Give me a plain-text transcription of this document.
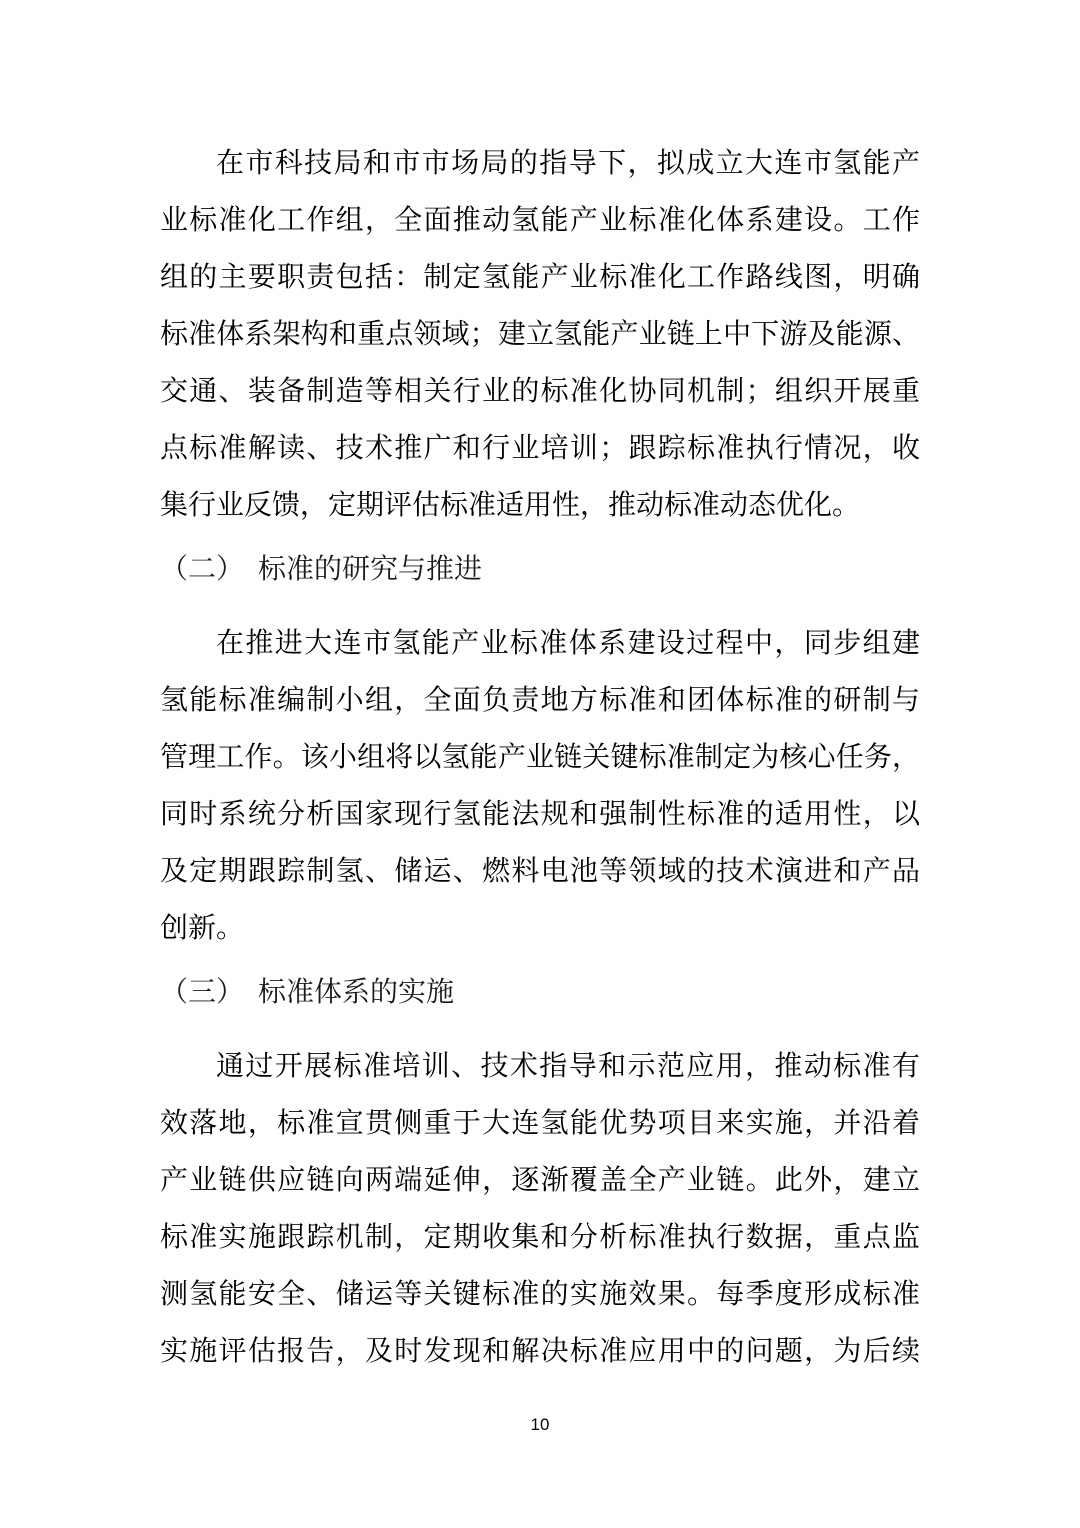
在市科技局和市市场局的指导下，拟成立大连市氢能产
业标准化工作组，全面推动氢能产业标准化体系建设。工作
组的主要职责包括：制定氢能产业标准化工作路线图，明确
标准体系架构和重点领域；建立氢能产业链上中下游及能源、
交通、装备制造等相关行业的标准化协同机制；组织开展重
点标准解读、技术推广和行业培训；跟踪标准执行情况，收
集行业反馈，定期评估标准适用性，推动标准动态优化。

（二）　标准的研究与推进

在推进大连市氢能产业标准体系建设过程中，同步组建
氢能标准编制小组，全面负责地方标准和团体标准的研制与
管理工作。该小组将以氢能产业链关键标准制定为核心任务，
同时系统分析国家现行氢能法规和强制性标准的适用性，以
及定期跟踪制氢、储运、燃料电池等领域的技术演进和产品
创新。

（三）　标准体系的实施

通过开展标准培训、技术指导和示范应用，推动标准有
效落地，标准宣贯侧重于大连氢能优势项目来实施，并沿着
产业链供应链向两端延伸，逐渐覆盖全产业链。此外，建立
标准实施跟踪机制，定期收集和分析标准执行数据，重点监
测氢能安全、储运等关键标准的实施效果。每季度形成标准
实施评估报告，及时发现和解决标准应用中的问题，为后续

10
